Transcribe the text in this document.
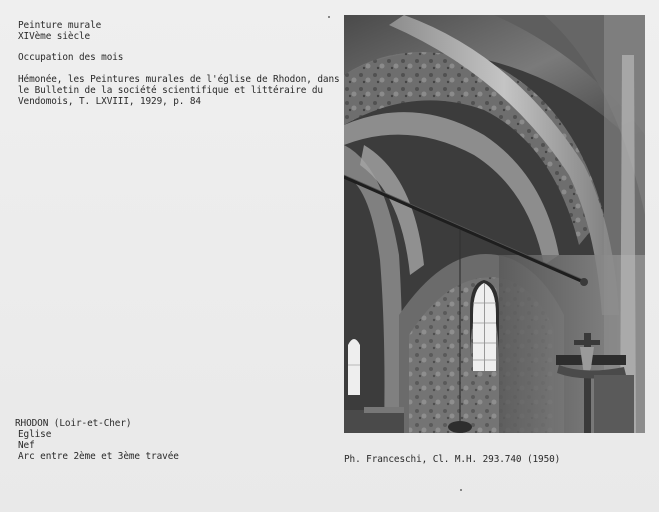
Peinture murale
XIVème siècle
Occupation des mois
Hémonée, les Peintures murales de l'église de Rhodon, dans
le Bulletin de la société scientifique et littéraire du
Vendomois, T. LXVIII, 1929, p. 84
RHODON (Loir-et-Cher)
Eglise
Nef
Arc entre 2ème et 3ème travée	Ph. Franceschi, Cl. M.H. 293.740 (1950)
